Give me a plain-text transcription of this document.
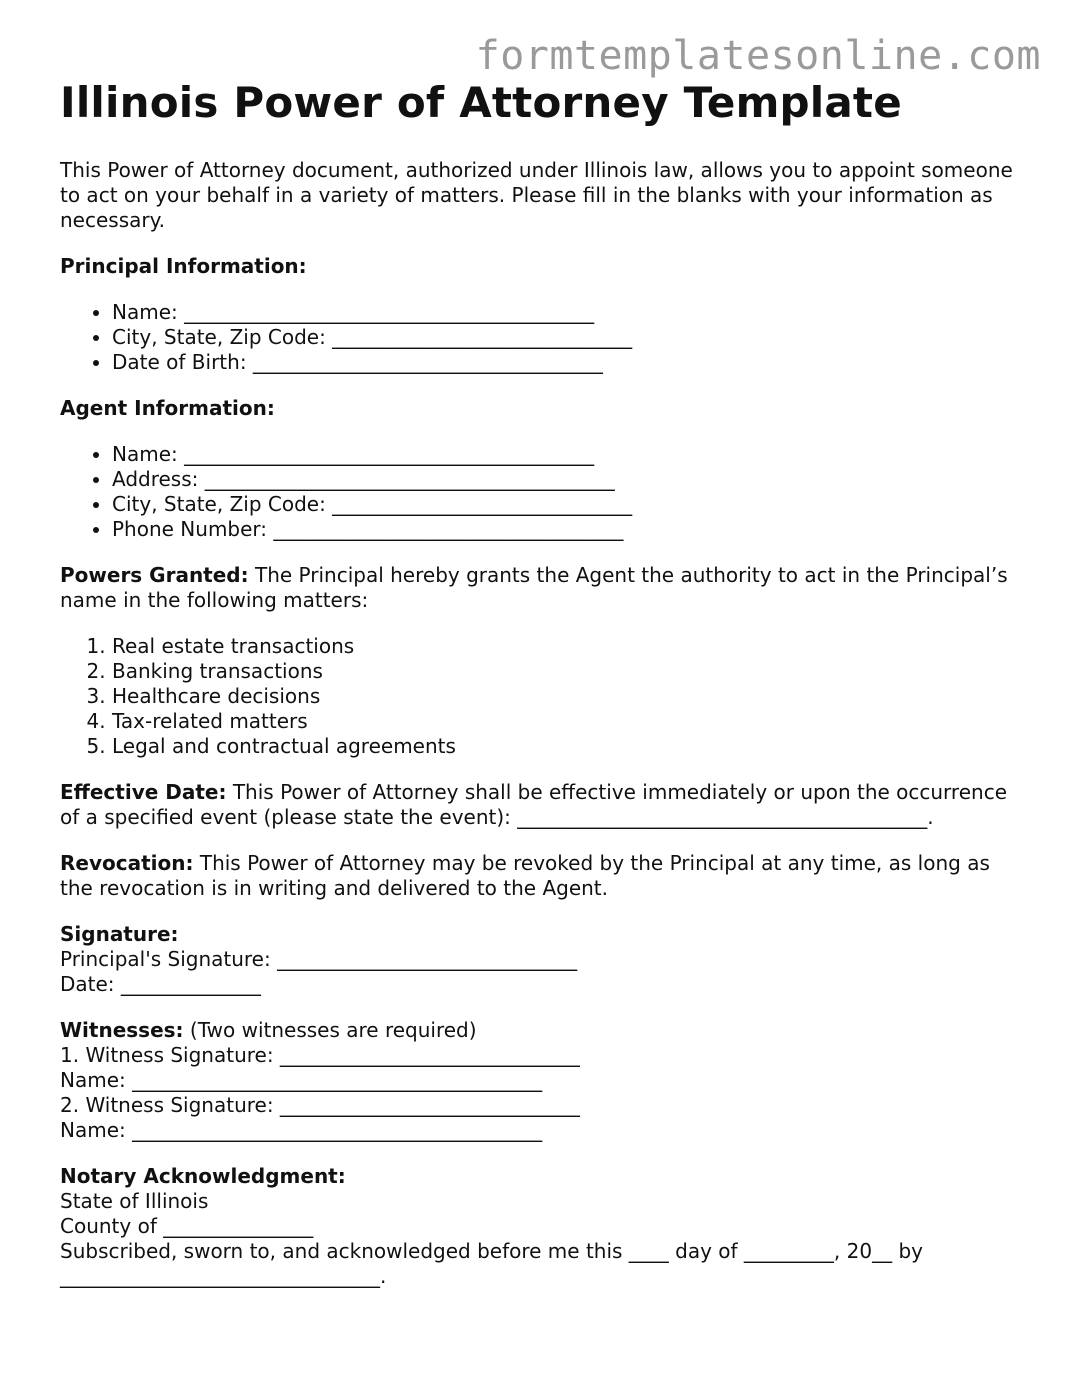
formtemplatesonline.com
Illinois Power of Attorney Template

This Power of Attorney document, authorized under Illinois law, allows you to appoint someone to act on your behalf in a variety of matters. Please fill in the blanks with your information as necessary.

Principal Information:
• Name: _________________________________________
• City, State, Zip Code: ______________________________
• Date of Birth: ___________________________________
Agent Information:
• Name: _________________________________________
• Address: _________________________________________
• City, State, Zip Code: ______________________________
• Phone Number: ___________________________________

Powers Granted: The Principal hereby grants the Agent the authority to act in the Principal’s name in the following matters:

1. Real estate transactions
2. Banking transactions
3. Healthcare decisions
4. Tax-related matters
5. Legal and contractual agreements

Effective Date: This Power of Attorney shall be effective immediately or upon the occurrence of a specified event (please state the event): _________________________________________.

Revocation: This Power of Attorney may be revoked by the Principal at any time, as long as the revocation is in writing and delivered to the Agent.

Signature:
Principal's Signature: ______________________________
Date: ______________

Witnesses: (Two witnesses are required)
1. Witness Signature: ______________________________
Name: _________________________________________
2. Witness Signature: ______________________________
Name: _________________________________________

Notary Acknowledgment:
State of Illinois
County of _______________
Subscribed, sworn to, and acknowledged before me this ____ day of _________, 20__ by ________________________________.
